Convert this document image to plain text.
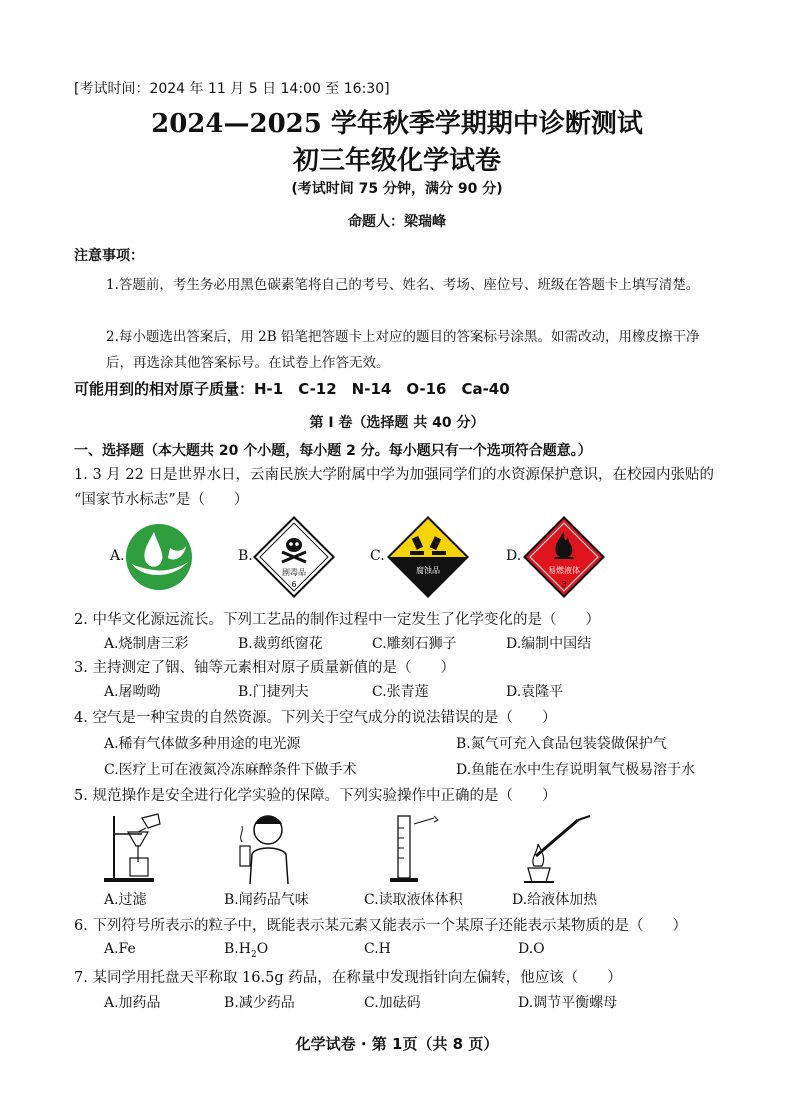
[考试时间：2024 年 11 月 5 日 14:00 至 16:30]
2024—2025 学年秋季学期期中诊断测试
初三年级化学试卷
(考试时间 75 分钟，满分 90 分)
命题人：梁瑞峰
注意事项：
1.答题前，考生务必用黑色碳素笔将自己的考号、姓名、考场、座位号、班级在答题卡上填写清楚。
2.每小题选出答案后，用 2B 铅笔把答题卡上对应的题目的答案标号涂黑。如需改动，用橡皮擦干净后，再选涂其他答案标号。在试卷上作答无效。
可能用到的相对原子质量：H-1　C-12　N-14　O-16　Ca-40
第 I 卷（选择题 共 40 分）
一、选择题（本大题共 20 个小题，每小题 2 分。每小题只有一个选项符合题意。）
1. 3 月 22 日是世界水日，云南民族大学附属中学为加强同学们的水资源保护意识，在校园内张贴的
“国家节水标志”是（　　）
A.	B.	C.	D.
剧毒品
6
腐蚀品	易燃液体
3
2. 中华文化源远流长。下列工艺品的制作过程中一定发生了化学变化的是（　　）
A.烧制唐三彩	B.裁剪纸窗花	C.雕刻石狮子	D.编制中国结
3. 主持测定了铟、铀等元素相对原子质量新值的是（　　）
A.屠呦呦	B.门捷列夫	C.张青莲	D.袁隆平
4. 空气是一种宝贵的自然资源。下列关于空气成分的说法错误的是（　　）
A.稀有气体做多种用途的电光源	B.氮气可充入食品包装袋做保护气
C.医疗上可在液氮冷冻麻醉条件下做手术	D.鱼能在水中生存说明氧气极易溶于水
5. 规范操作是安全进行化学实验的保障。下列实验操作中正确的是（　　）
A.过滤	B.闻药品气味	C.读取液体体积	D.给液体加热
6. 下列符号所表示的粒子中，既能表示某元素又能表示一个某原子还能表示某物质的是（　　）
A.Fe	$B.H_2O$	C.H	D.O
7. 某同学用托盘天平称取 16.5g 药品，在称量中发现指针向左偏转，他应该（　　）
A.加药品	B.减少药品	C.加砝码	D.调节平衡螺母
化学试卷 · 第 1页（共 8 页）
